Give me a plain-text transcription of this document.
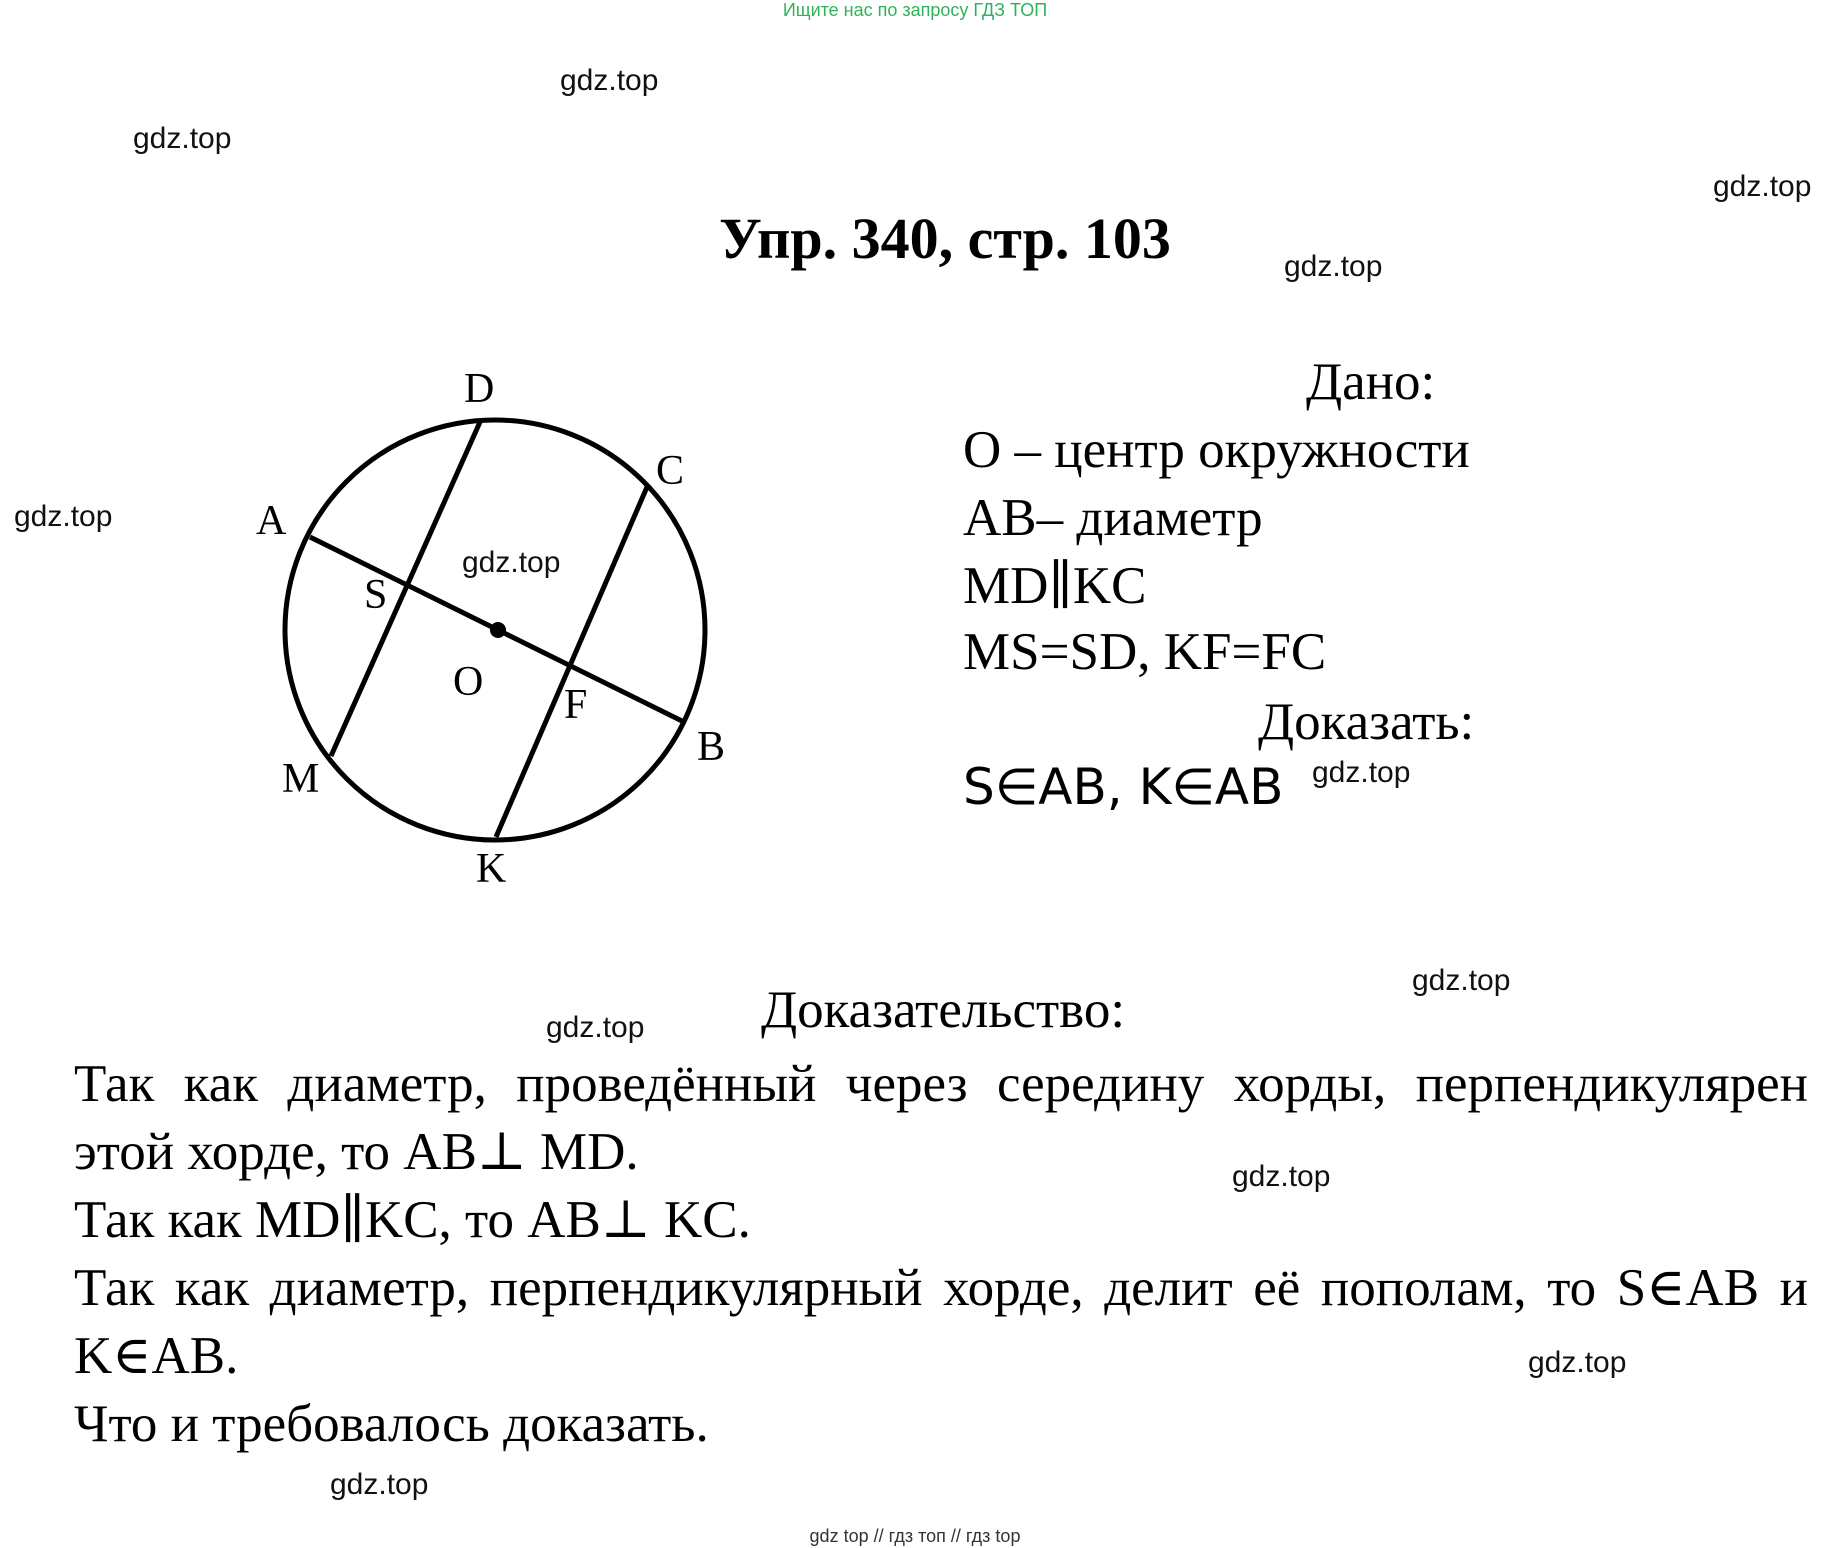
Ищите нас по запросу ГДЗ ТОП
gdz.top
gdz.top
gdz.top
gdz.top
gdz.top
gdz.top
gdz.top
gdz.top
gdz.top
gdz.top
gdz.top
gdz.top
Упр. 340, стр. 103
D
C
A
S
O F
B
M
K
Дано:
O – центр окружности
AB– диаметр
MD∥KC
MS=SD, KF=FC
Доказать:
S∈AB, K∈AB
Доказательство:

Так как диаметр, проведённый через середину хорды, перпендикулярен этой хорде, то AB⊥ MD.

Так как MD∥KC, то AB⊥ KC.

Так как диаметр, перпендикулярный хорде, делит её пополам, то S∈AB и K∈AB.

Что и требовалось доказать.

gdz top // гдз топ // гдз top
